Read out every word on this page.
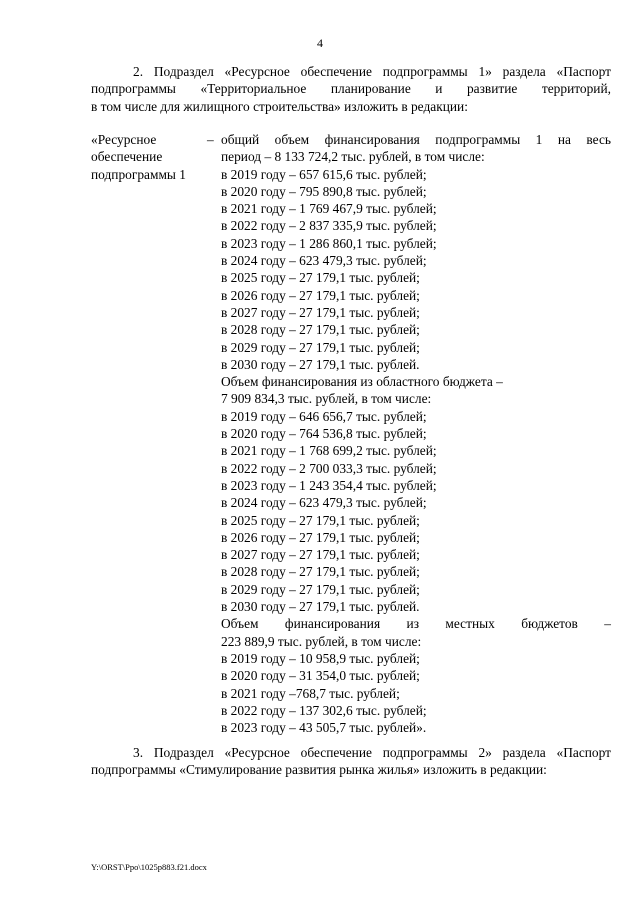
4
2. Подраздел «Ресурсное обеспечение подпрограммы 1» раздела «Паспорт
подпрограммы «Территориальное планирование и развитие территорий,
в том числе для жилищного строительства» изложить в редакции:
«Ресурсное
обеспечение
подпрограммы 1
– общий объем финансирования подпрограммы 1 на весь
период – 8 133 724,2 тыс. рублей, в том числе:
в 2019 году – 657 615,6 тыс. рублей;
в 2020 году – 795 890,8 тыс. рублей;
в 2021 году – 1 769 467,9 тыс. рублей;
в 2022 году – 2 837 335,9 тыс. рублей;
в 2023 году – 1 286 860,1 тыс. рублей;
в 2024 году – 623 479,3 тыс. рублей;
в 2025 году – 27 179,1 тыс. рублей;
в 2026 году – 27 179,1 тыс. рублей;
в 2027 году – 27 179,1 тыс. рублей;
в 2028 году – 27 179,1 тыс. рублей;
в 2029 году – 27 179,1 тыс. рублей;
в 2030 году – 27 179,1 тыс. рублей.
Объем финансирования из областного бюджета –
7 909 834,3 тыс. рублей, в том числе:
в 2019 году – 646 656,7 тыс. рублей;
в 2020 году – 764 536,8 тыс. рублей;
в 2021 году – 1 768 699,2 тыс. рублей;
в 2022 году – 2 700 033,3 тыс. рублей;
в 2023 году – 1 243 354,4 тыс. рублей;
в 2024 году – 623 479,3 тыс. рублей;
в 2025 году – 27 179,1 тыс. рублей;
в 2026 году – 27 179,1 тыс. рублей;
в 2027 году – 27 179,1 тыс. рублей;
в 2028 году – 27 179,1 тыс. рублей;
в 2029 году – 27 179,1 тыс. рублей;
в 2030 году – 27 179,1 тыс. рублей.
Объем финансирования из местных бюджетов –
223 889,9 тыс. рублей, в том числе:
в 2019 году – 10 958,9 тыс. рублей;
в 2020 году – 31 354,0 тыс. рублей;
в 2021 году –768,7 тыс. рублей;
в 2022 году – 137 302,6 тыс. рублей;
в 2023 году – 43 505,7 тыс. рублей».
3. Подраздел «Ресурсное обеспечение подпрограммы 2» раздела «Паспорт
подпрограммы «Стимулирование развития рынка жилья» изложить в редакции:
Y:\ORST\Ppo\1025p883.f21.docx
